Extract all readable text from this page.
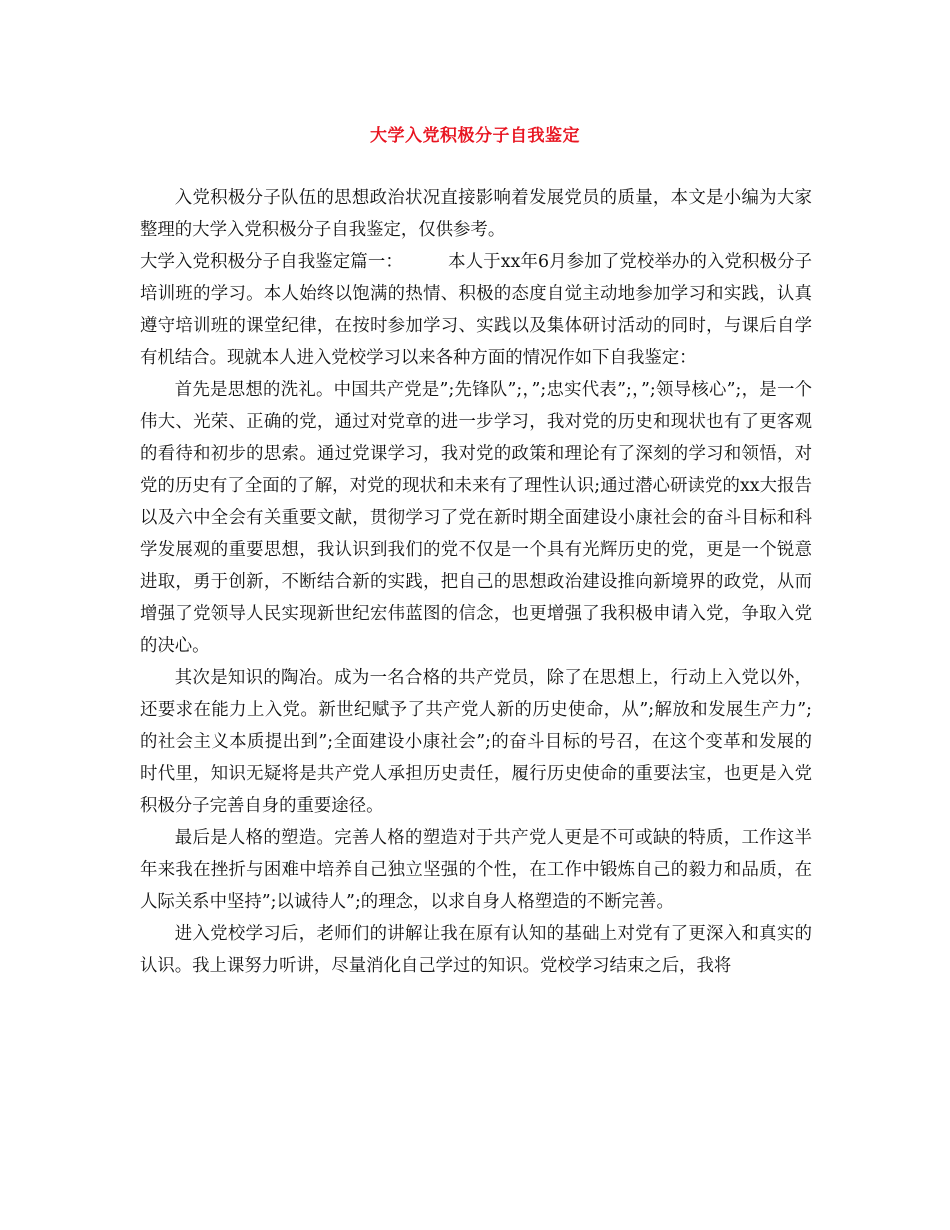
大学入党积极分子自我鉴定

入党积极分子队伍的思想政治状况直接影响着发展党员的质量，本文是小编为大家整理的大学入党积极分子自我鉴定，仅供参考。

大学入党积极分子自我鉴定篇一：        本人于xx年6月参加了党校举办的入党积极分子培训班的学习。本人始终以饱满的热情、积极的态度自觉主动地参加学习和实践，认真遵守培训班的课堂纪律，在按时参加学习、实践以及集体研讨活动的同时，与课后自学有机结合。现就本人进入党校学习以来各种方面的情况作如下自我鉴定：

首先是思想的洗礼。中国共产党是”;先锋队”;，”;忠实代表”;，”;领导核心”;，是一个伟大、光荣、正确的党，通过对党章的进一步学习，我对党的历史和现状也有了更客观的看待和初步的思索。通过党课学习，我对党的政策和理论有了深刻的学习和领悟，对党的历史有了全面的了解，对党的现状和未来有了理性认识;通过潜心研读党的xx大报告以及六中全会有关重要文献，贯彻学习了党在新时期全面建设小康社会的奋斗目标和科学发展观的重要思想，我认识到我们的党不仅是一个具有光辉历史的党，更是一个锐意进取，勇于创新，不断结合新的实践，把自己的思想政治建设推向新境界的政党，从而增强了党领导人民实现新世纪宏伟蓝图的信念，也更增强了我积极申请入党，争取入党的决心。

其次是知识的陶冶。成为一名合格的共产党员，除了在思想上，行动上入党以外，还要求在能力上入党。新世纪赋予了共产党人新的历史使命，从”;解放和发展生产力”;的社会主义本质提出到”;全面建设小康社会”;的奋斗目标的号召，在这个变革和发展的时代里，知识无疑将是共产党人承担历史责任，履行历史使命的重要法宝，也更是入党积极分子完善自身的重要途径。

最后是人格的塑造。完善人格的塑造对于共产党人更是不可或缺的特质，工作这半年来我在挫折与困难中培养自己独立坚强的个性，在工作中锻炼自己的毅力和品质，在人际关系中坚持”;以诚待人”;的理念，以求自身人格塑造的不断完善。

进入党校学习后，老师们的讲解让我在原有认知的基础上对党有了更深入和真实的认识。我上课努力听讲，尽量消化自己学过的知识。党校学习结束之后，我将
